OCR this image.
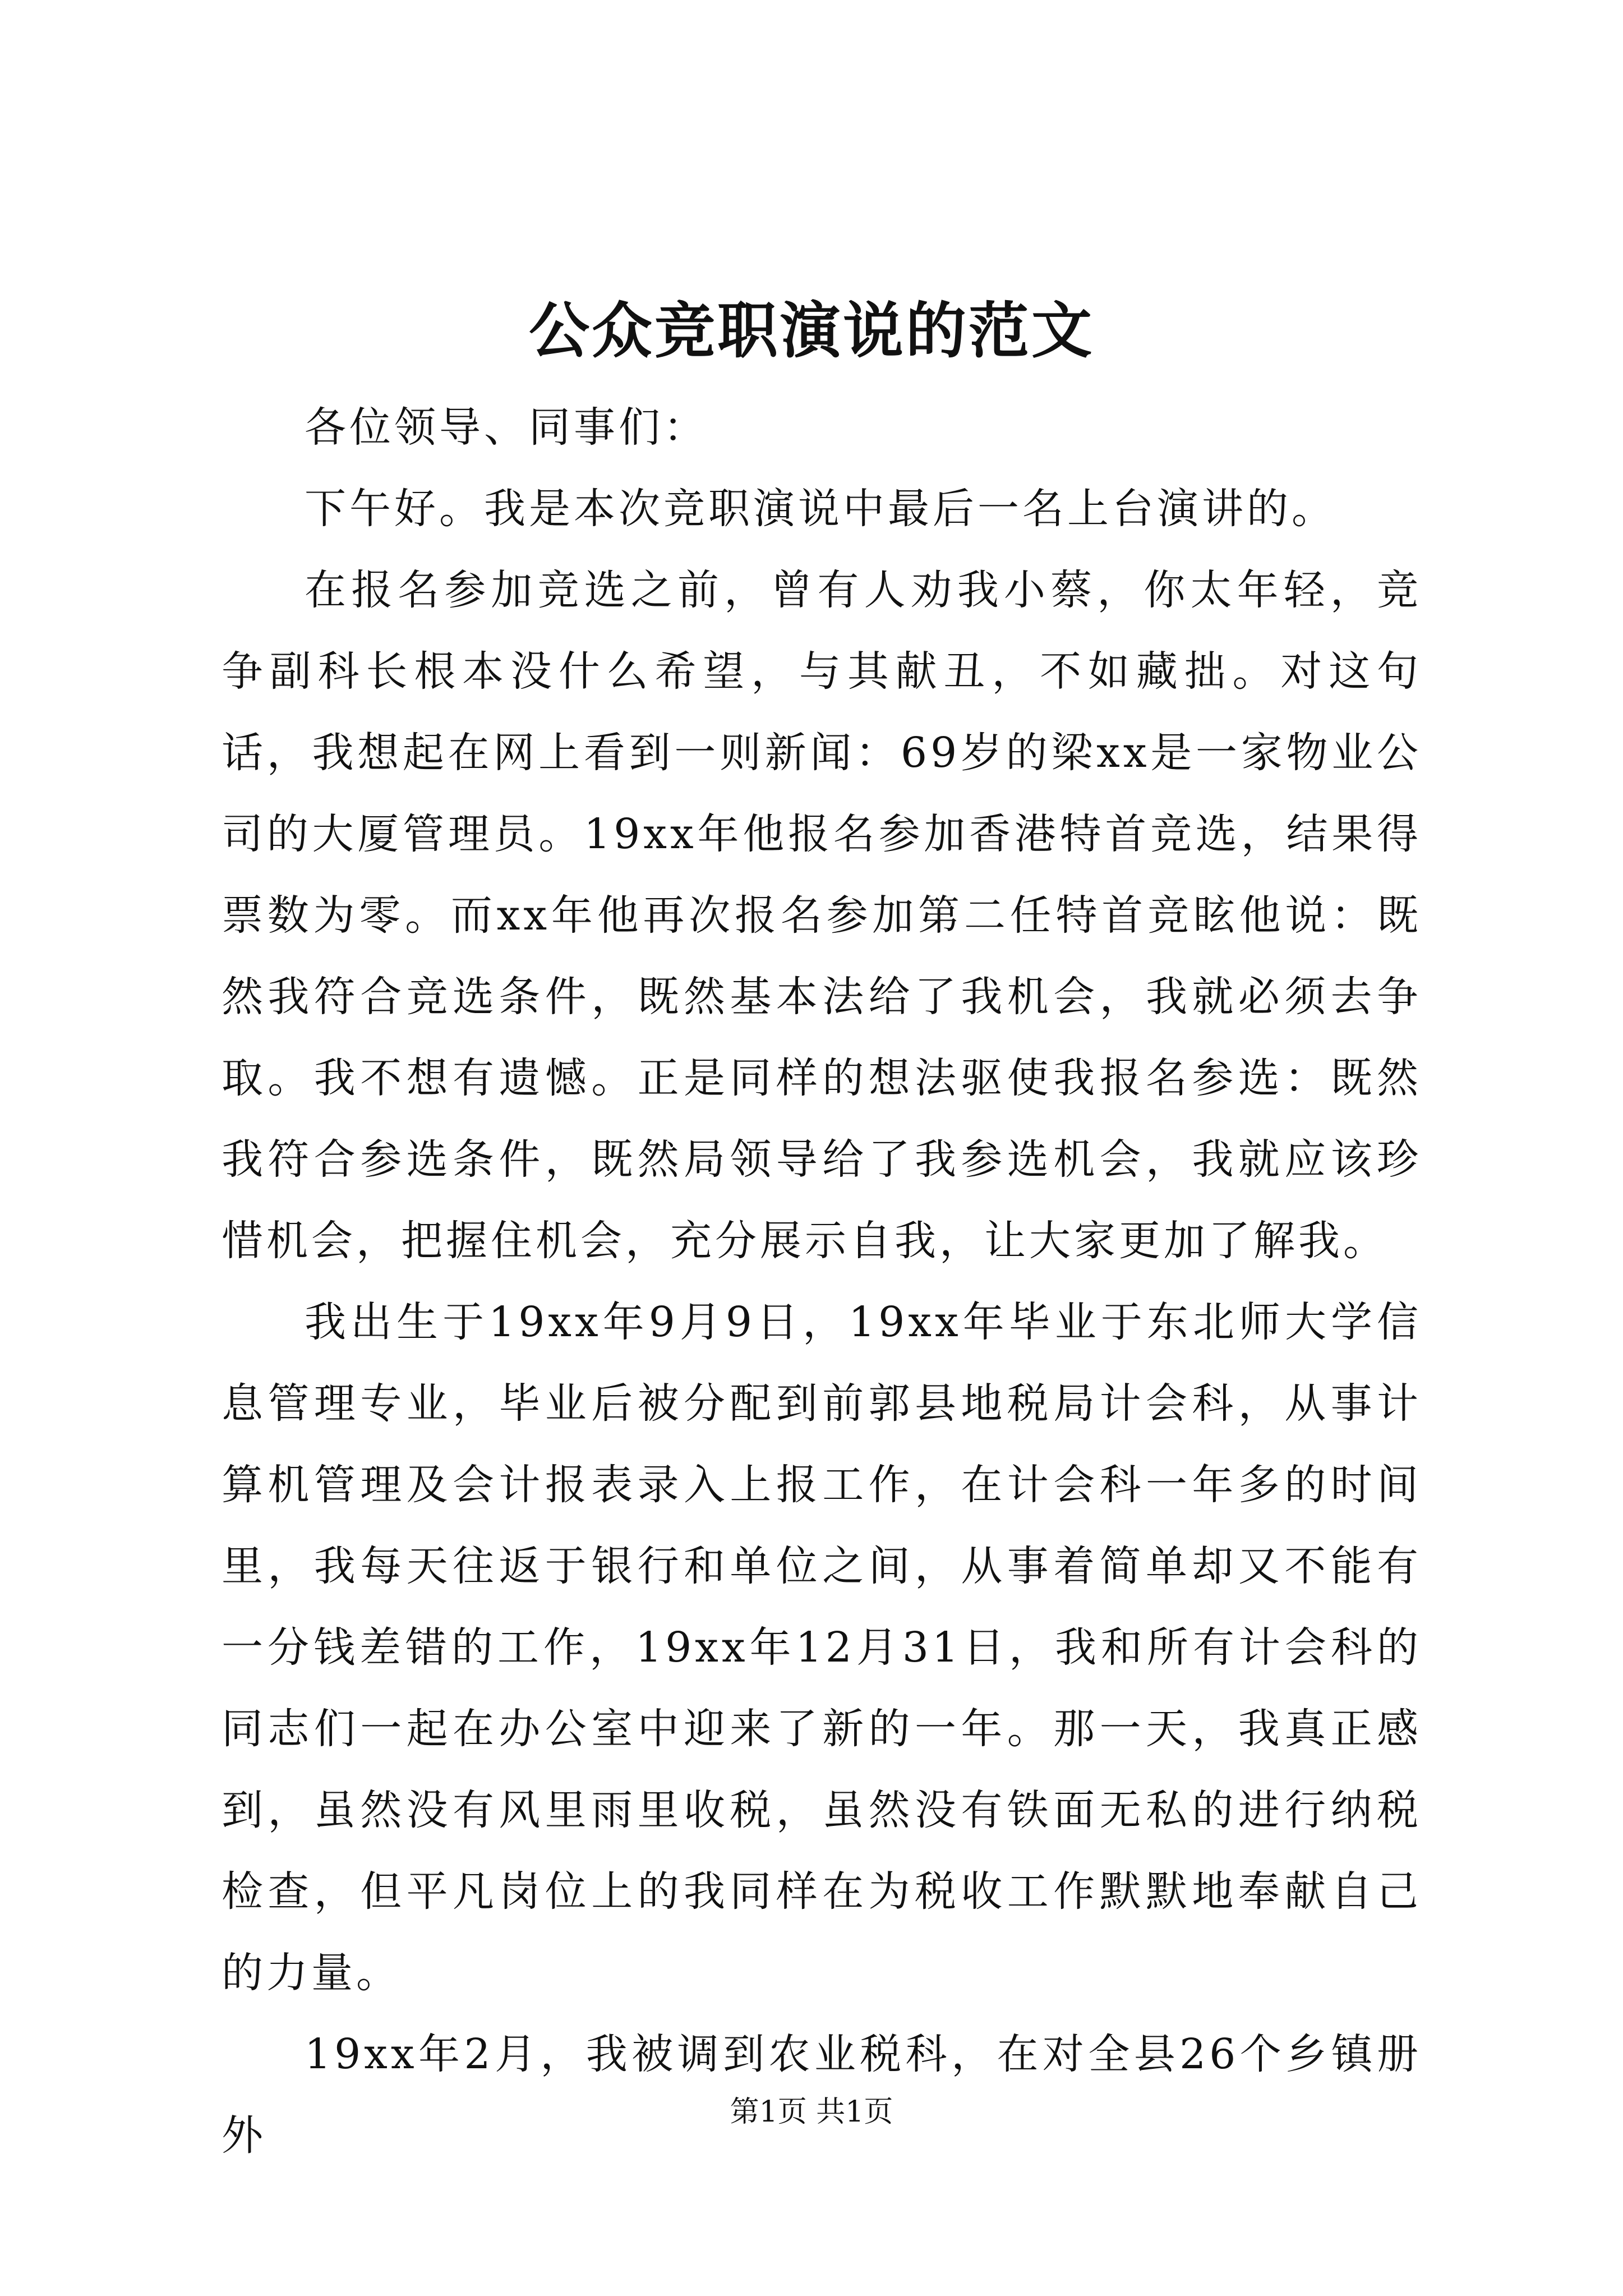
公众竞职演说的范文

各位领导、同事们：

下午好。我是本次竞职演说中最后一名上台演讲的。

在报名参加竞选之前，曾有人劝我小蔡，你太年轻，竞争副科长根本没什么希望，与其献丑，不如藏拙。对这句话，我想起在网上看到一则新闻：69岁的梁xx是一家物业公司的大厦管理员。19xx年他报名参加香港特首竞选，结果得票数为零。而xx年他再次报名参加第二任特首竞眩他说：既然我符合竞选条件，既然基本法给了我机会，我就必须去争取。我不想有遗憾。正是同样的想法驱使我报名参选：既然我符合参选条件，既然局领导给了我参选机会，我就应该珍惜机会，把握住机会，充分展示自我，让大家更加了解我。

我出生于19xx年9月9日，19xx年毕业于东北师大学信息管理专业，毕业后被分配到前郭县地税局计会科，从事计算机管理及会计报表录入上报工作，在计会科一年多的时间里，我每天往返于银行和单位之间，从事着简单却又不能有一分钱差错的工作，19xx年12月31日，我和所有计会科的同志们一起在办公室中迎来了新的一年。那一天，我真正感到，虽然没有风里雨里收税，虽然没有铁面无私的进行纳税检查，但平凡岗位上的我同样在为税收工作默默地奉献自己的力量。

19xx年2月，我被调到农业税科，在对全县26个乡镇册外	第1页 共1页
